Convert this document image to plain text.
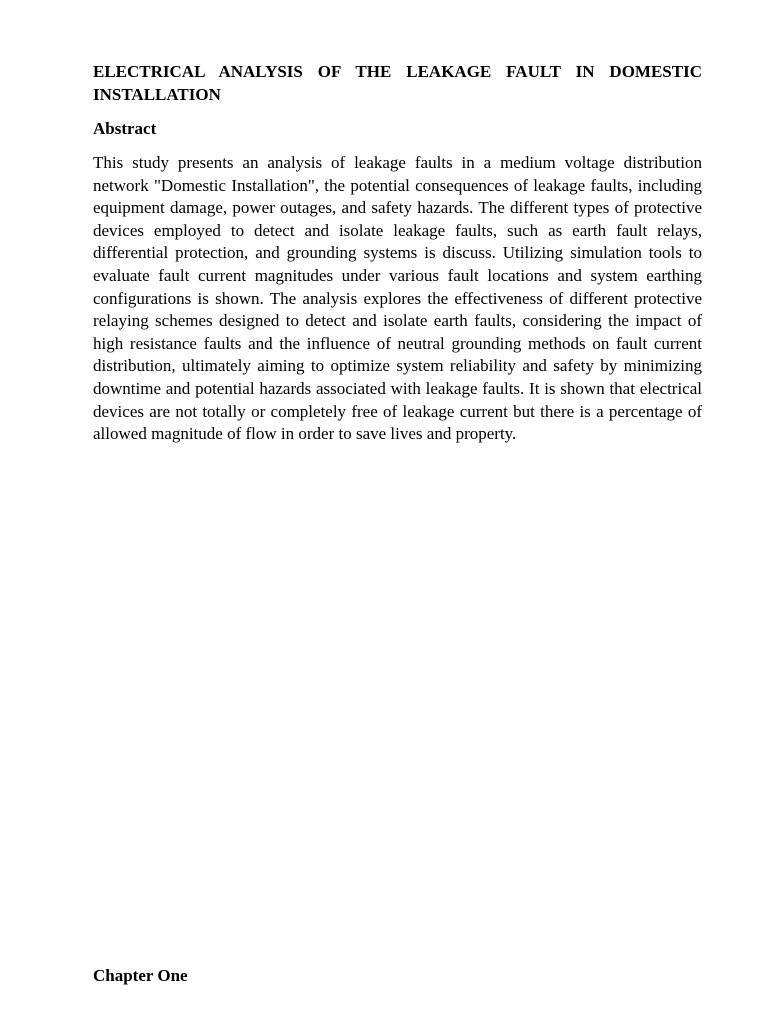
ELECTRICAL ANALYSIS OF THE LEAKAGE FAULT IN DOMESTIC INSTALLATION
Abstract

This study presents an analysis of leakage faults in a medium voltage distribution network "Domestic Installation", the potential consequences of leakage faults, including equipment damage, power outages, and safety hazards. The different types of protective devices employed to detect and isolate leakage faults, such as earth fault relays, differential protection, and grounding systems is discuss. Utilizing simulation tools to evaluate fault current magnitudes under various fault locations and system earthing configurations is shown. The analysis explores the effectiveness of different protective relaying schemes designed to detect and isolate earth faults, considering the impact of high resistance faults and the influence of neutral grounding methods on fault current distribution, ultimately aiming to optimize system reliability and safety by minimizing downtime and potential hazards associated with leakage faults. It is shown that electrical devices are not totally or completely free of leakage current but there is a percentage of allowed magnitude of flow in order to save lives and property.

Chapter One
